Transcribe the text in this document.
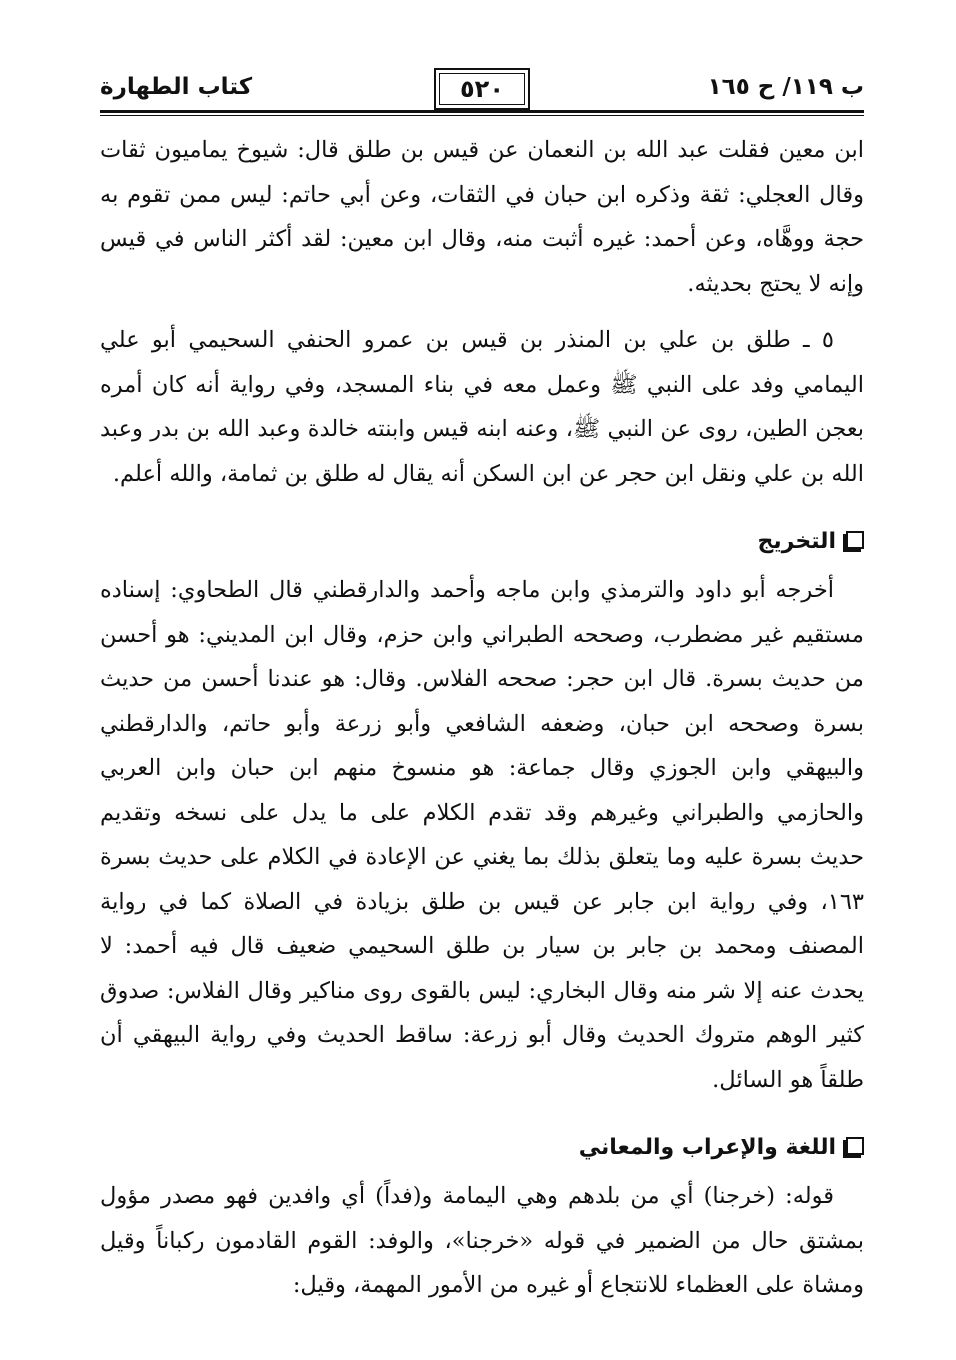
ب ١١٩/ ح ١٦٥
٥٢٠
كتاب الطهارة

ابن معين فقلت عبد الله بن النعمان عن قيس بن طلق قال: شيوخ يماميون ثقات وقال العجلي: ثقة وذكره ابن حبان في الثقات، وعن أبي حاتم: ليس ممن تقوم به حجة ووهَّاه، وعن أحمد: غيره أثبت منه، وقال ابن معين: لقد أكثر الناس في قيس وإنه لا يحتج بحديثه.

٥ ـ طلق بن علي بن المنذر بن قيس بن عمرو الحنفي السحيمي أبو علي اليمامي وفد على النبي ﷺ وعمل معه في بناء المسجد، وفي رواية أنه كان أمره بعجن الطين، روى عن النبي ﷺ، وعنه ابنه قيس وابنته خالدة وعبد الله بن بدر وعبد الله بن علي ونقل ابن حجر عن ابن السكن أنه يقال له طلق بن ثمامة، والله أعلم.

التخريج

أخرجه أبو داود والترمذي وابن ماجه وأحمد والدارقطني قال الطحاوي: إسناده مستقيم غير مضطرب، وصححه الطبراني وابن حزم، وقال ابن المديني: هو أحسن من حديث بسرة. قال ابن حجر: صححه الفلاس. وقال: هو عندنا أحسن من حديث بسرة وصححه ابن حبان، وضعفه الشافعي وأبو زرعة وأبو حاتم، والدارقطني والبيهقي وابن الجوزي وقال جماعة: هو منسوخ منهم ابن حبان وابن العربي والحازمي والطبراني وغيرهم وقد تقدم الكلام على ما يدل على نسخه وتقديم حديث بسرة عليه وما يتعلق بذلك بما يغني عن الإعادة في الكلام على حديث بسرة ١٦٣، وفي رواية ابن جابر عن قيس بن طلق بزيادة في الصلاة كما في رواية المصنف ومحمد بن جابر بن سيار بن طلق السحيمي ضعيف قال فيه أحمد: لا يحدث عنه إلا شر منه وقال البخاري: ليس بالقوى روى مناكير وقال الفلاس: صدوق كثير الوهم متروك الحديث وقال أبو زرعة: ساقط الحديث وفي رواية البيهقي أن طلقاً هو السائل.

اللغة والإعراب والمعاني

قوله: (خرجنا) أي من بلدهم وهي اليمامة و(فداً) أي وافدين فهو مصدر مؤول بمشتق حال من الضمير في قوله «خرجنا»، والوفد: القوم القادمون ركباناً وقيل ومشاة على العظماء للانتجاع أو غيره من الأمور المهمة، وقيل:
